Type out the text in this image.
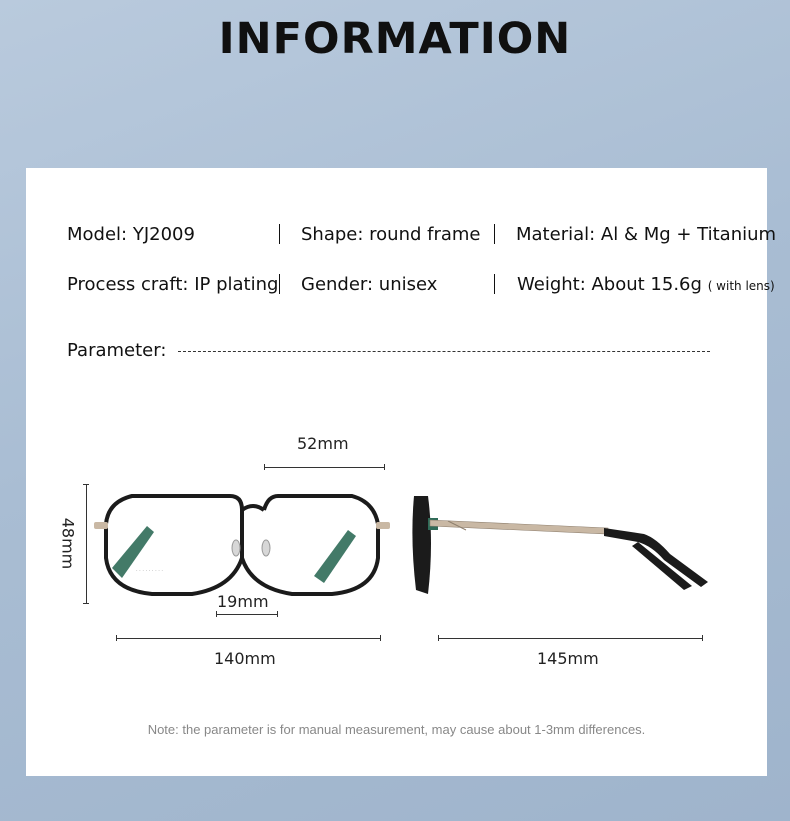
INFORMATION
Model: YJ2009	Shape: round frame Material: Al & Mg + Titanium
Process craft: IP plating Gender: unisex	Weight: About 15.6g ( with lens)
Parameter:
52mm
48mm
· · · · · · · · ·
19mm
140mm	145mm
Note: the parameter is for manual measurement, may cause about 1-3mm differences.
